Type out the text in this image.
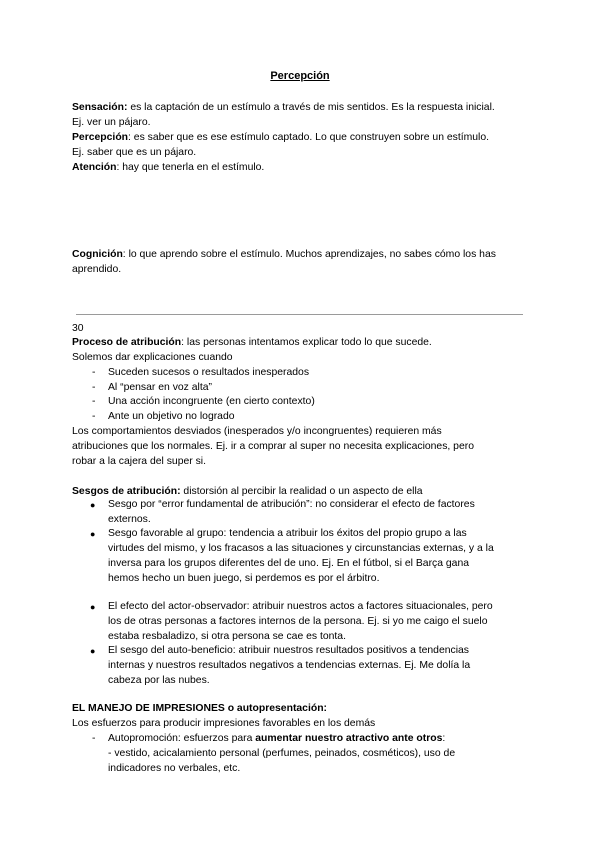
Percepción
Sensación: es la captación de un estímulo a través de mis sentidos. Es la respuesta inicial.
Ej. ver un pájaro.
Percepción: es saber que es ese estímulo captado. Lo que construyen sobre un estímulo.
Ej. saber que es un pájaro.
Atención: hay que tenerla en el estímulo.
Cognición: lo que aprendo sobre el estímulo. Muchos aprendizajes, no sabes cómo los has
aprendido.
30
Proceso de atribución: las personas intentamos explicar todo lo que sucede.
Solemos dar explicaciones cuando
- Suceden sucesos o resultados inesperados
- Al “pensar en voz alta”
- Una acción incongruente (en cierto contexto)
- Ante un objetivo no logrado
Los comportamientos desviados (inesperados y/o incongruentes) requieren más
atribuciones que los normales. Ej. ir a comprar al super no necesita explicaciones, pero
robar a la cajera del super si.
Sesgos de atribución: distorsión al percibir la realidad o un aspecto de ella
● Sesgo por “error fundamental de atribución”: no considerar el efecto de factores
externos.
● Sesgo favorable al grupo: tendencia a atribuir los éxitos del propio grupo a las
virtudes del mismo, y los fracasos a las situaciones y circunstancias externas, y a la
inversa para los grupos diferentes del de uno. Ej. En el fútbol, si el Barça gana
hemos hecho un buen juego, si perdemos es por el árbitro.
● El efecto del actor-observador: atribuir nuestros actos a factores situacionales, pero
los de otras personas a factores internos de la persona. Ej. si yo me caigo el suelo
estaba resbaladizo, si otra persona se cae es tonta.
● El sesgo del auto-beneficio: atribuir nuestros resultados positivos a tendencias
internas y nuestros resultados negativos a tendencias externas. Ej. Me dolía la
cabeza por las nubes.
EL MANEJO DE IMPRESIONES o autopresentación:
Los esfuerzos para producir impresiones favorables en los demás
- Autopromoción: esfuerzos para aumentar nuestro atractivo ante otros:
- vestido, acicalamiento personal (perfumes, peinados, cosméticos), uso de
indicadores no verbales, etc.
